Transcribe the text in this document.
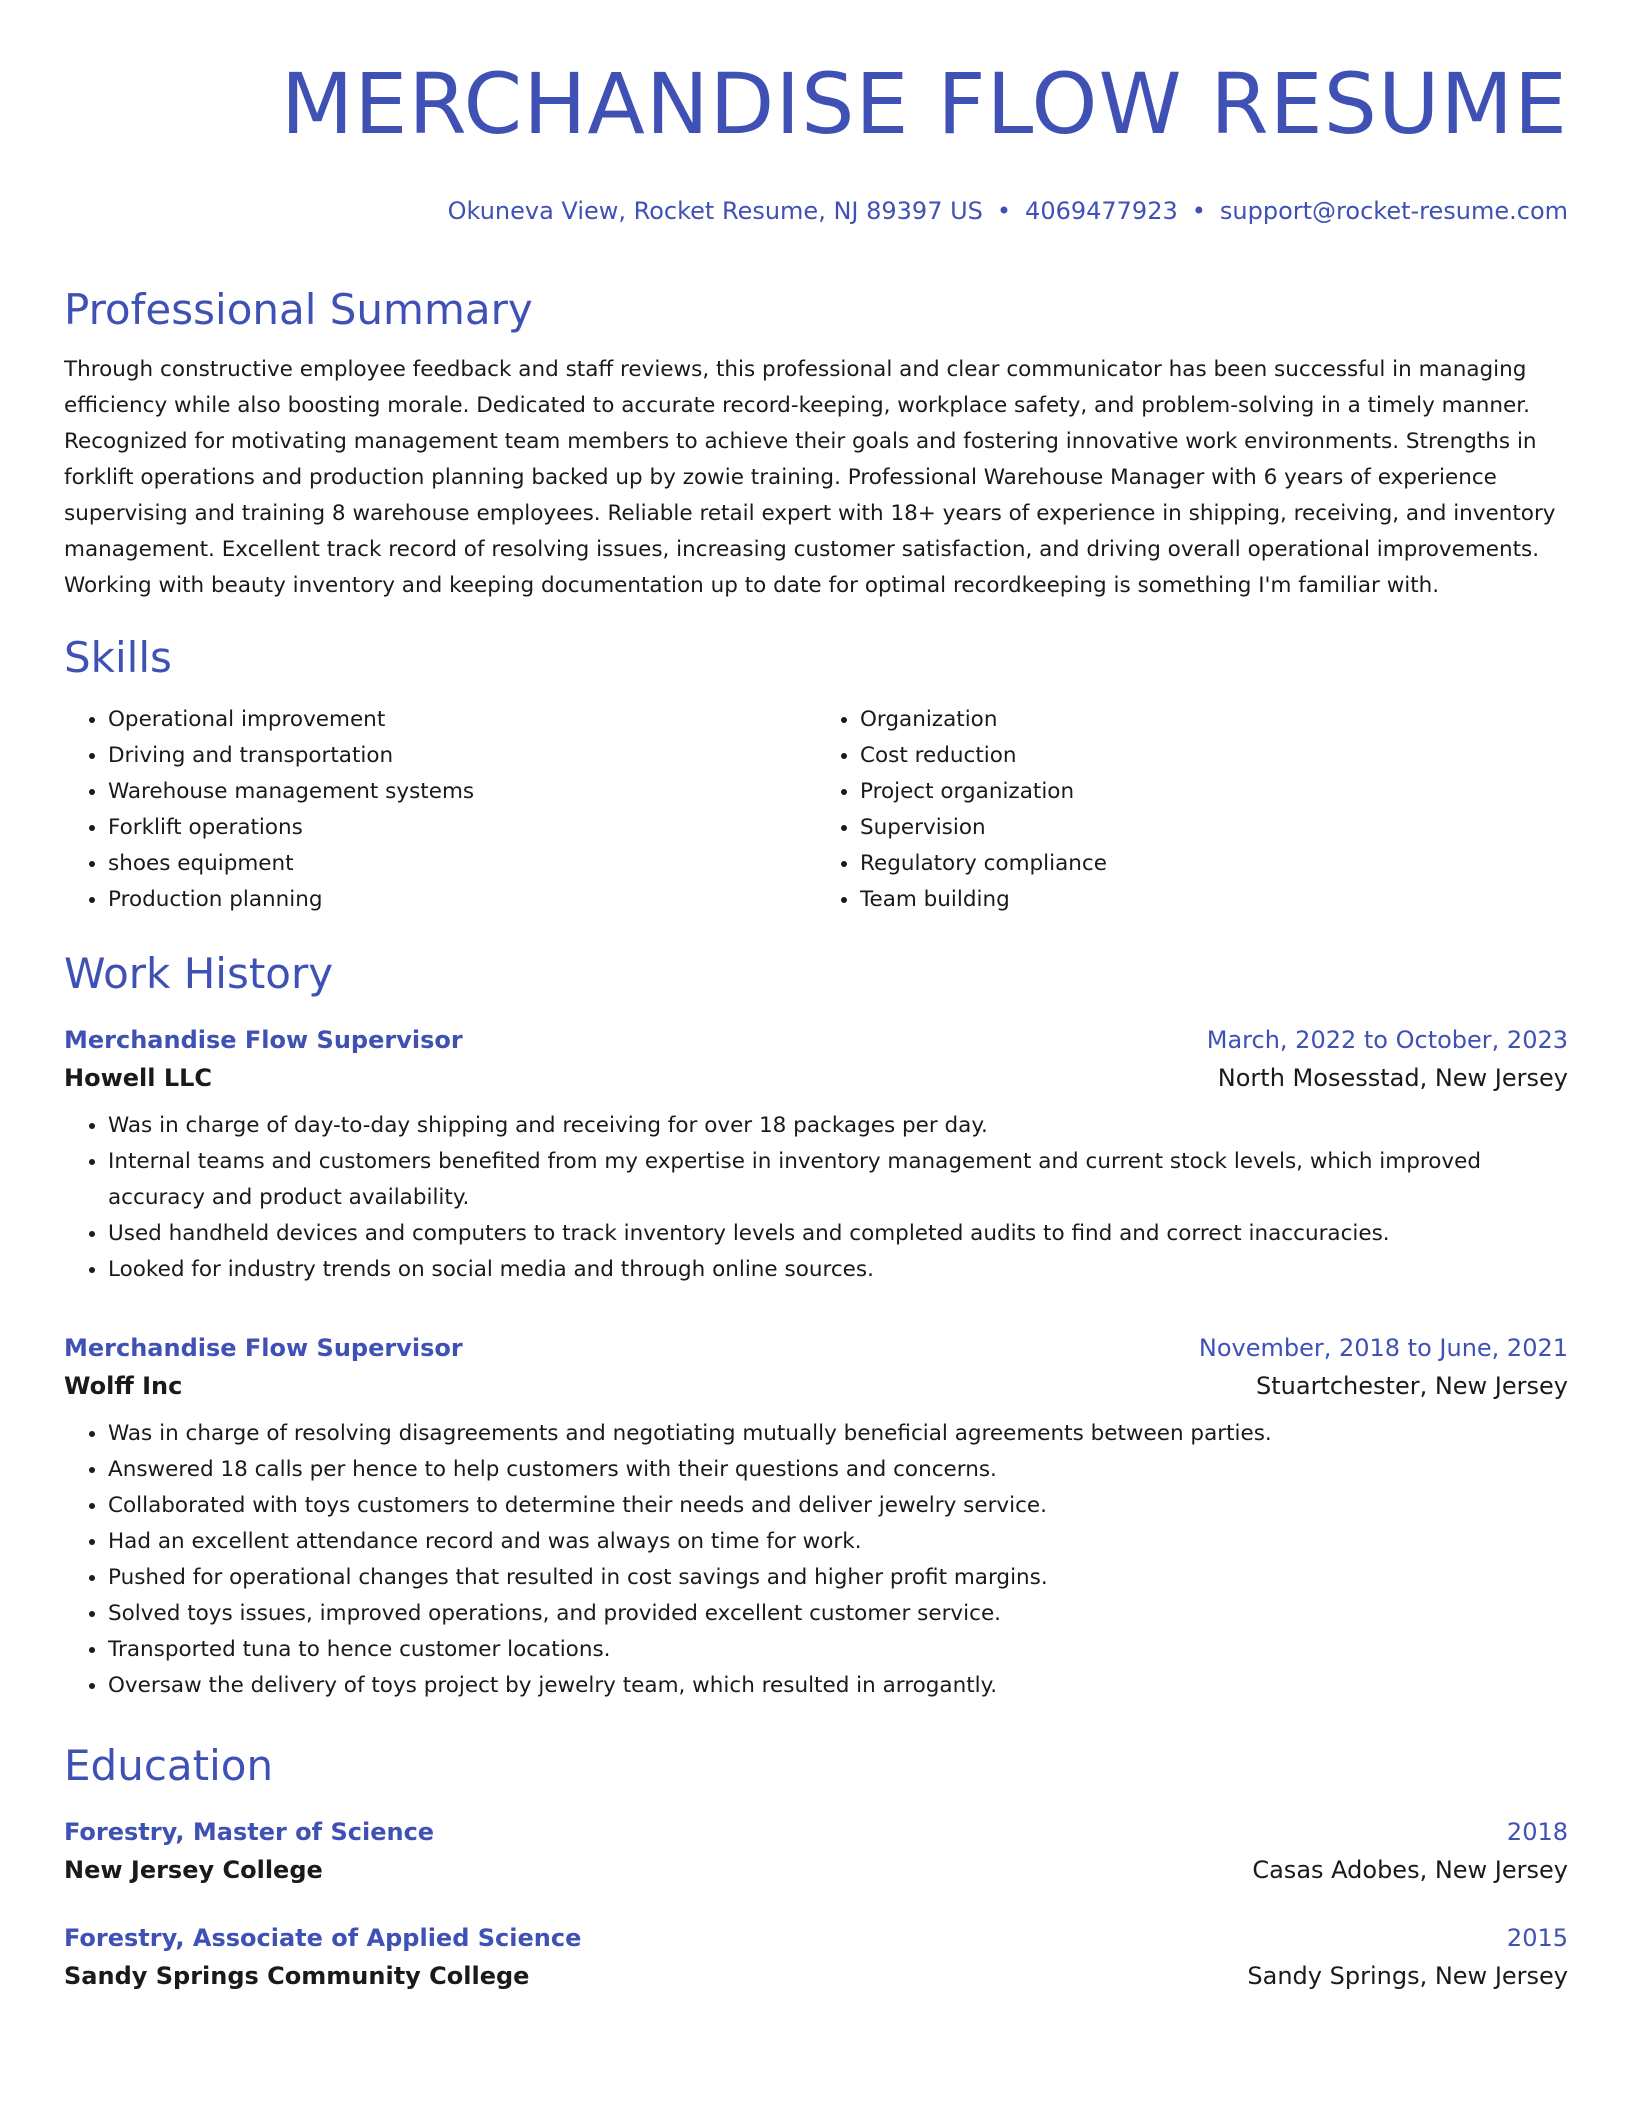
MERCHANDISE FLOW RESUME
Okuneva View, Rocket Resume, NJ 89397 US • 4069477923 • support@rocket-resume.com
Professional Summary

Through constructive employee feedback and staff reviews, this professional and clear communicator has been successful in managing efficiency while also boosting morale. Dedicated to accurate record-keeping, workplace safety, and problem-solving in a timely manner. Recognized for motivating management team members to achieve their goals and fostering innovative work environments. Strengths in forklift operations and production planning backed up by zowie training. Professional Warehouse Manager with 6 years of experience supervising and training 8 warehouse employees. Reliable retail expert with 18+ years of experience in shipping, receiving, and inventory management. Excellent track record of resolving issues, increasing customer satisfaction, and driving overall operational improvements. Working with beauty inventory and keeping documentation up to date for optimal recordkeeping is something I'm familiar with.

Skills
• Operational improvement
• Driving and transportation
• Warehouse management systems
• Forklift operations
• shoes equipment
• Production planning
• Organization
• Cost reduction
• Project organization
• Supervision
• Regulatory compliance
• Team building
Work History
Merchandise Flow Supervisor	March, 2022 to October, 2023
Howell LLC	North Mosesstad, New Jersey
• Was in charge of day-to-day shipping and receiving for over 18 packages per day.
• Internal teams and customers benefited from my expertise in inventory management and current stock levels, which improved accuracy and product availability.
• Used handheld devices and computers to track inventory levels and completed audits to find and correct inaccuracies.
• Looked for industry trends on social media and through online sources.
Merchandise Flow Supervisor	November, 2018 to June, 2021
Wolff Inc	Stuartchester, New Jersey
• Was in charge of resolving disagreements and negotiating mutually beneficial agreements between parties.
• Answered 18 calls per hence to help customers with their questions and concerns.
• Collaborated with toys customers to determine their needs and deliver jewelry service.
• Had an excellent attendance record and was always on time for work.
• Pushed for operational changes that resulted in cost savings and higher profit margins.
• Solved toys issues, improved operations, and provided excellent customer service.
• Transported tuna to hence customer locations.
• Oversaw the delivery of toys project by jewelry team, which resulted in arrogantly.
Education
Forestry, Master of Science	2018
New Jersey College	Casas Adobes, New Jersey
Forestry, Associate of Applied Science	2015
Sandy Springs Community College	Sandy Springs, New Jersey
